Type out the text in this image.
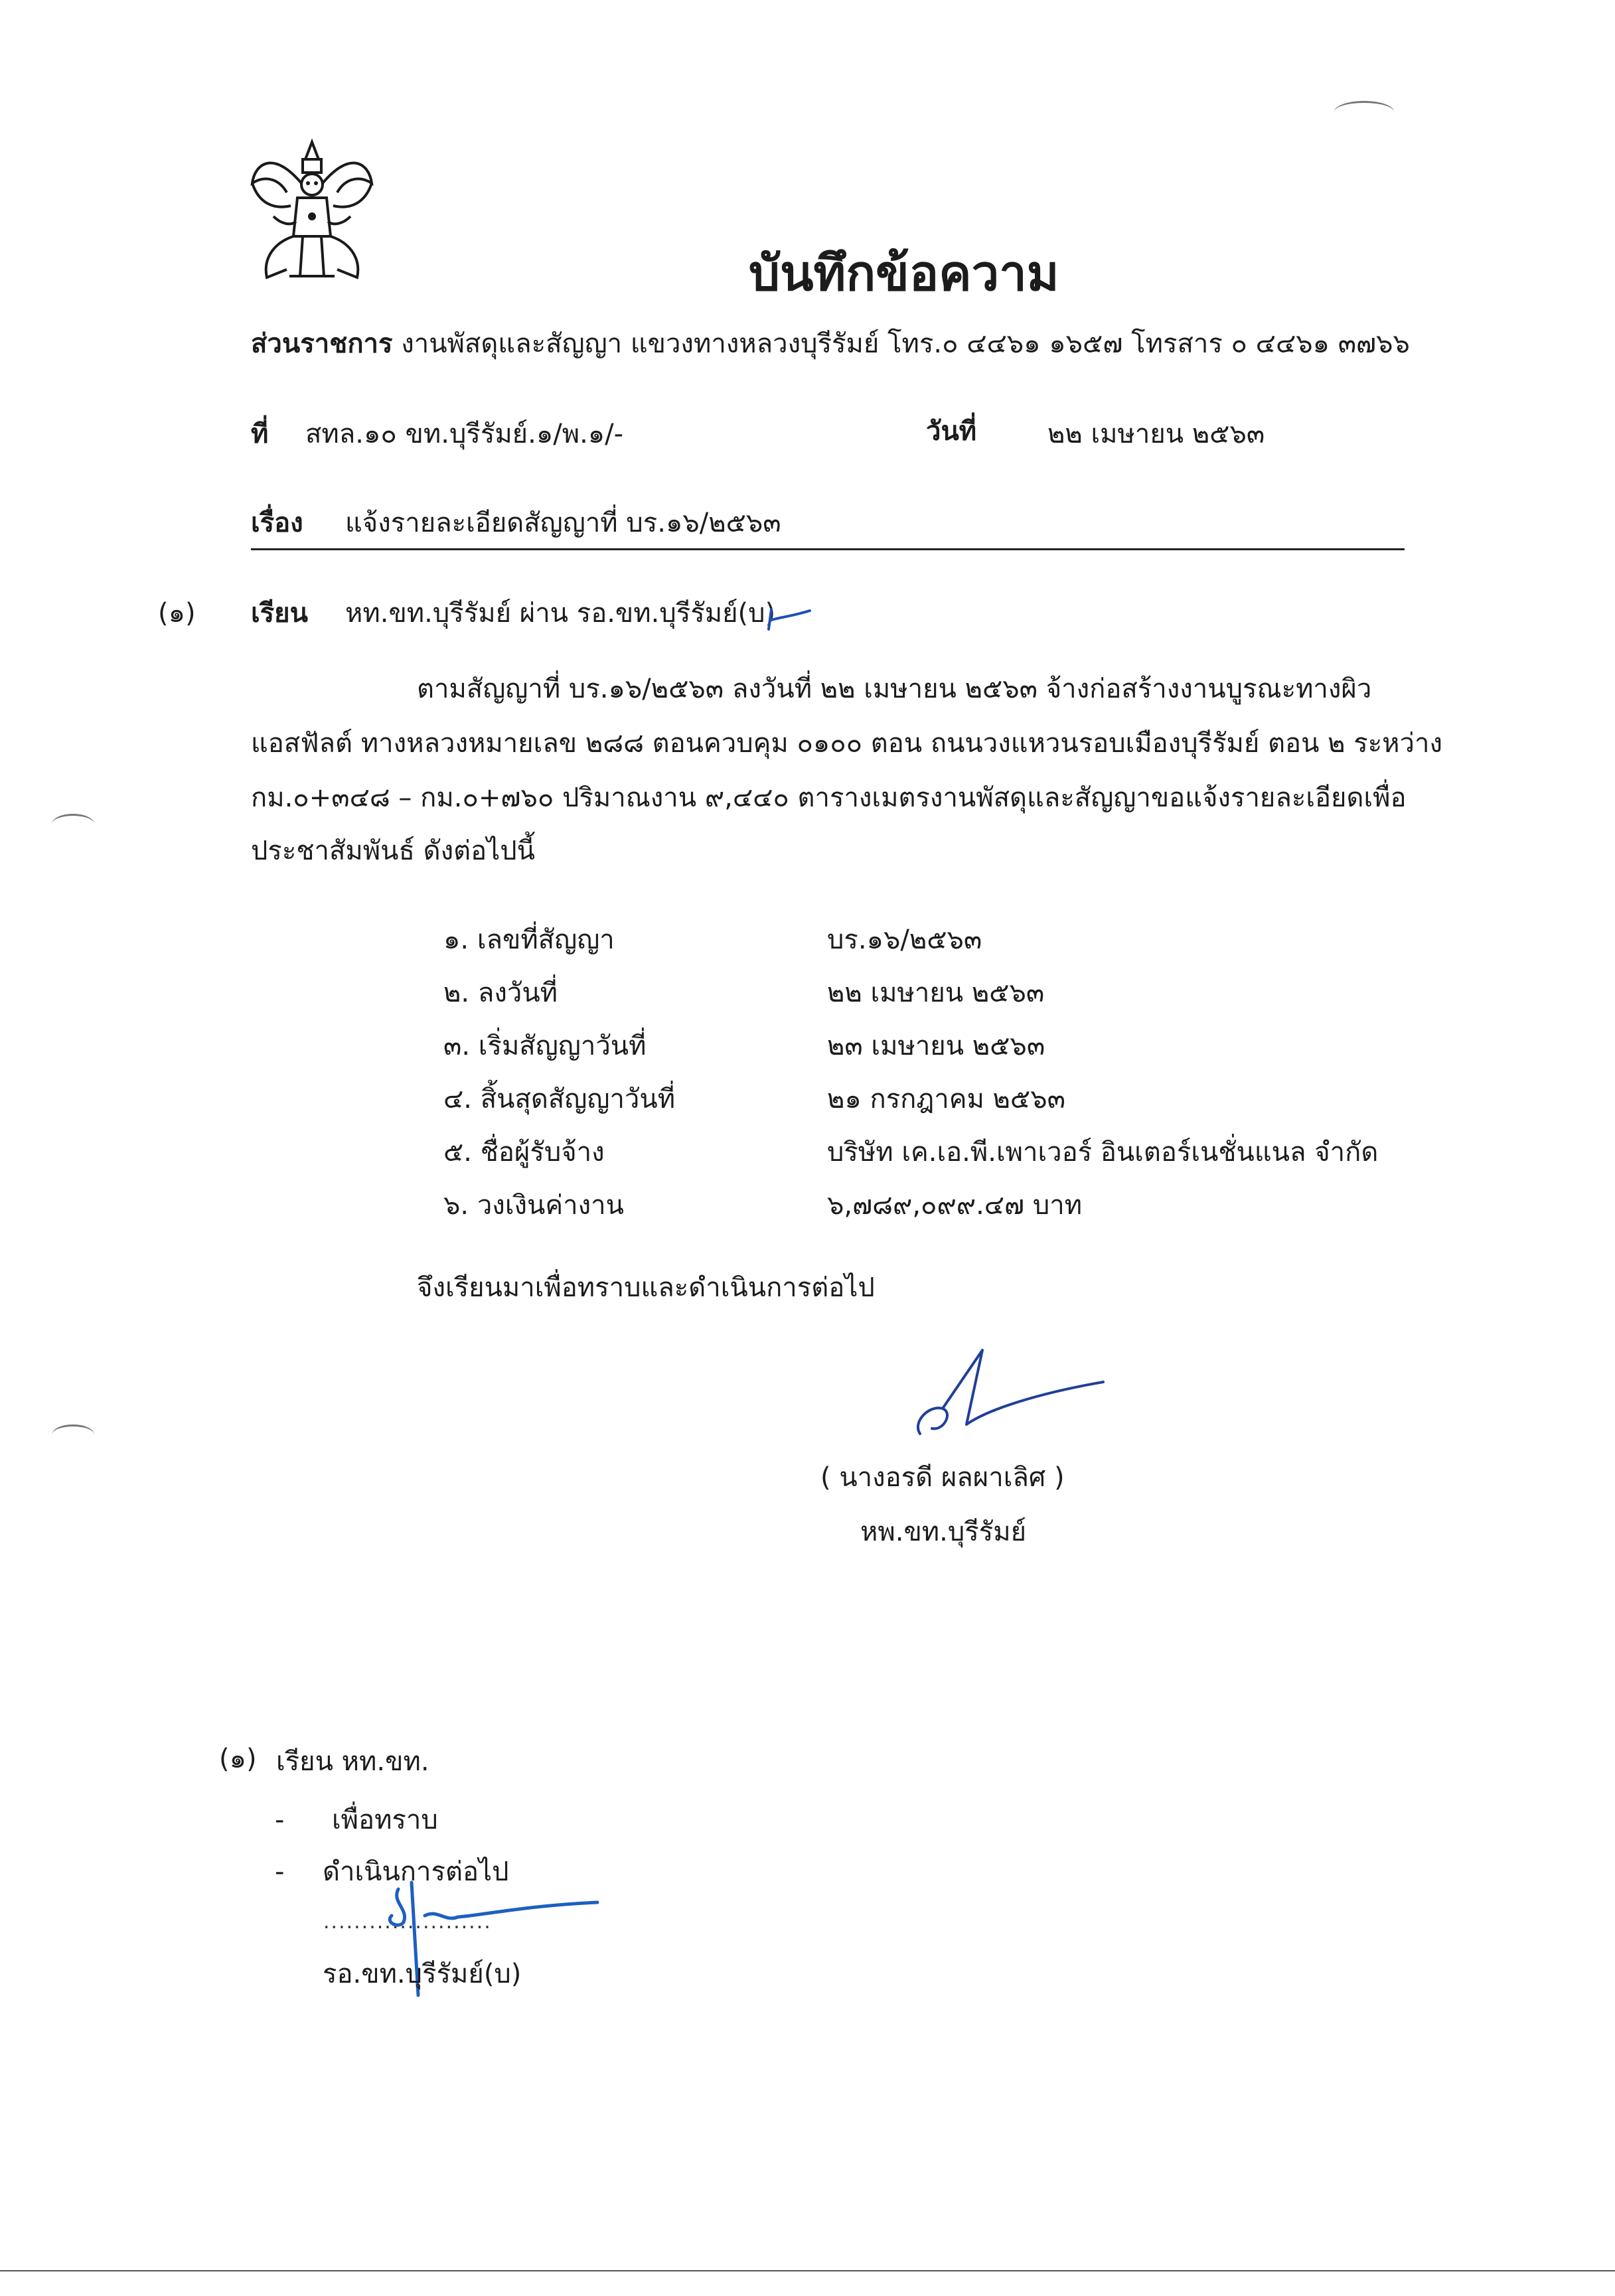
บันทึกข้อความ
ส่วนราชการ งานพัสดุและสัญญา แขวงทางหลวงบุรีรัมย์ โทร.๐ ๔๔๖๑ ๑๖๕๗ โทรสาร ๐ ๔๔๖๑ ๓๗๖๖
ที่ สทล.๑๐ ขท.บุรีรัมย์.๑/พ.๑/-	วันที่	๒๒ เมษายน ๒๕๖๓
เรื่อง แจ้งรายละเอียดสัญญาที่ บร.๑๖/๒๕๖๓
(๑) เรียน หท.ขท.บุรีรัมย์ ผ่าน รอ.ขท.บุรีรัมย์(บ)
ตามสัญญาที่ บร.๑๖/๒๕๖๓ ลงวันที่ ๒๒ เมษายน ๒๕๖๓ จ้างก่อสร้างงานบูรณะทางผิว
แอสฟัลต์ ทางหลวงหมายเลข ๒๘๘ ตอนควบคุม ๐๑๐๐ ตอน ถนนวงแหวนรอบเมืองบุรีรัมย์ ตอน ๒ ระหว่าง
กม.๐+๓๔๘ – กม.๐+๗๖๐ ปริมาณงาน ๙,๔๔๐ ตารางเมตรงานพัสดุและสัญญาขอแจ้งรายละเอียดเพื่อ
ประชาสัมพันธ์ ดังต่อไปนี้
๑. เลขที่สัญญา	บร.๑๖/๒๕๖๓
๒. ลงวันที่	๒๒ เมษายน ๒๕๖๓
๓. เริ่มสัญญาวันที่	๒๓ เมษายน ๒๕๖๓
๔. สิ้นสุดสัญญาวันที่	๒๑ กรกฎาคม ๒๕๖๓
๕. ชื่อผู้รับจ้าง	บริษัท เค.เอ.พี.เพาเวอร์ อินเตอร์เนชั่นแนล จำกัด
๖. วงเงินค่างาน	๖,๗๘๙,๐๙๙.๔๗ บาท
จึงเรียนมาเพื่อทราบและดำเนินการต่อไป
( นางอรดี ผลผาเลิศ )
หพ.ขท.บุรีรัมย์
(๑) เรียน หท.ขท.
- เพื่อทราบ
- ดำเนินการต่อไป
......................
รอ.ขท.บุรีรัมย์(บ)
